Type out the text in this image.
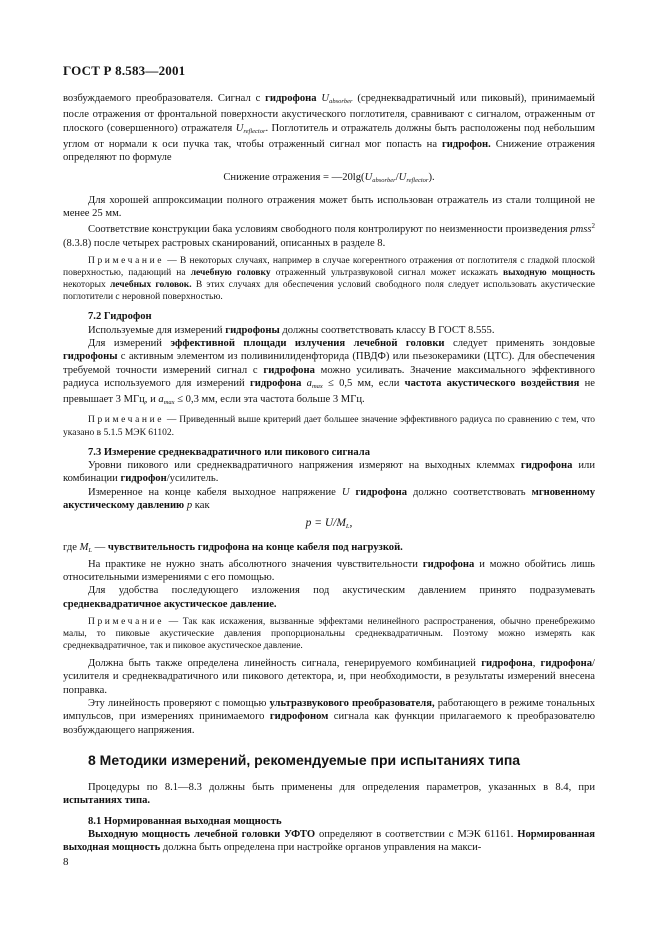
ГОСТ Р 8.583—2001

возбуждаемого преобразователя. Сигнал с гидрофона $U_{absorber}$ (среднеквадратичный или пиковый), принимаемый после отражения от фронтальной поверхности акустического поглотителя, сравнивают с сигналом, отраженным от плоского (совершенного) отражателя $U_{reflector}$. Поглотитель и отражатель должны быть расположены под небольшим углом от нормали к оси пучка так, чтобы отраженный сигнал мог попасть на гидрофон. Снижение отражения определяют по формуле

Снижение отражения = $—20\lg(U_{absorber}/U_{reflector})$.

Для хорошей аппроксимации полного отражения может быть использован отражатель из стали толщиной не менее 25 мм.

Соответствие конструкции бака условиям свободного поля контролируют по неизменности произведения pmss$^2$ (8.3.8) после четырех растровых сканирований, описанных в разделе 8.

Примечание — В некоторых случаях, например в случае когерентного отражения от поглотителя с гладкой плоской поверхностью, падающий на лечебную головку отраженный ультразвуковой сигнал может искажать выходную мощность некоторых лечебных головок. В этих случаях для обеспечения условий свободного поля следует использовать акустические поглотители с неровной поверхностью.

7.2 Гидрофон

Используемые для измерений гидрофоны должны соответствовать классу В ГОСТ 8.555.

Для измерений эффективной площади излучения лечебной головки следует применять зондовые гидрофоны с активным элементом из поливинилиденфторида (ПВДФ) или пьезокерамики (ЦТС). Для обеспечения требуемой точности измерений сигнал с гидрофона можно усиливать. Значение максимального эффективного радиуса используемого для измерений гидрофона $a_{max} \le 0,5$ мм, если частота акустического воздействия не превышает 3 МГц, и $a_{max} \le 0,3$ мм, если эта частота больше 3 МГц.

Примечание — Приведенный выше критерий дает большее значение эффективного радиуса по сравнению с тем, что указано в 5.1.5 МЭК 61102.

7.3 Измерение среднеквадратичного или пикового сигнала

Уровни пикового или среднеквадратичного напряжения измеряют на выходных клеммах гидрофона или комбинации гидрофон/усилитель.

Измеренное на конце кабеля выходное напряжение U гидрофона должно соответствовать мгновенному акустическому давлению p как

$p = U/M_L$,

где $M_L$ — чувствительность гидрофона на конце кабеля под нагрузкой.

На практике не нужно знать абсолютного значения чувствительности гидрофона и можно обойтись лишь относительными измерениями с его помощью.

Для удобства последующего изложения под акустическим давлением принято подразумевать среднеквадратичное акустическое давление.

Примечание — Так как искажения, вызванные эффектами нелинейного распространения, обычно пренебрежимо малы, то пиковые акустические давления пропорциональны среднеквадратичным. Поэтому можно измерять как среднеквадратичное, так и пиковое акустическое давление.

Должна быть также определена линейность сигнала, генерируемого комбинацией гидрофона, гидрофона/усилителя и среднеквадратичного или пикового детектора, и, при необходимости, в результаты измерений внесена поправка.

Эту линейность проверяют с помощью ультразвукового преобразователя, работающего в режиме тональных импульсов, при измерениях принимаемого гидрофоном сигнала как функции прилагаемого к преобразователю возбуждающего напряжения.

8 Методики измерений, рекомендуемые при испытаниях типа

Процедуры по 8.1—8.3 должны быть применены для определения параметров, указанных в 8.4, при испытаниях типа.

8.1 Нормированная выходная мощность

Выходную мощность лечебной головки УФТО определяют в соответствии с МЭК 61161. Нормированная выходная мощность должна быть определена при настройке органов управления на макси-

8
